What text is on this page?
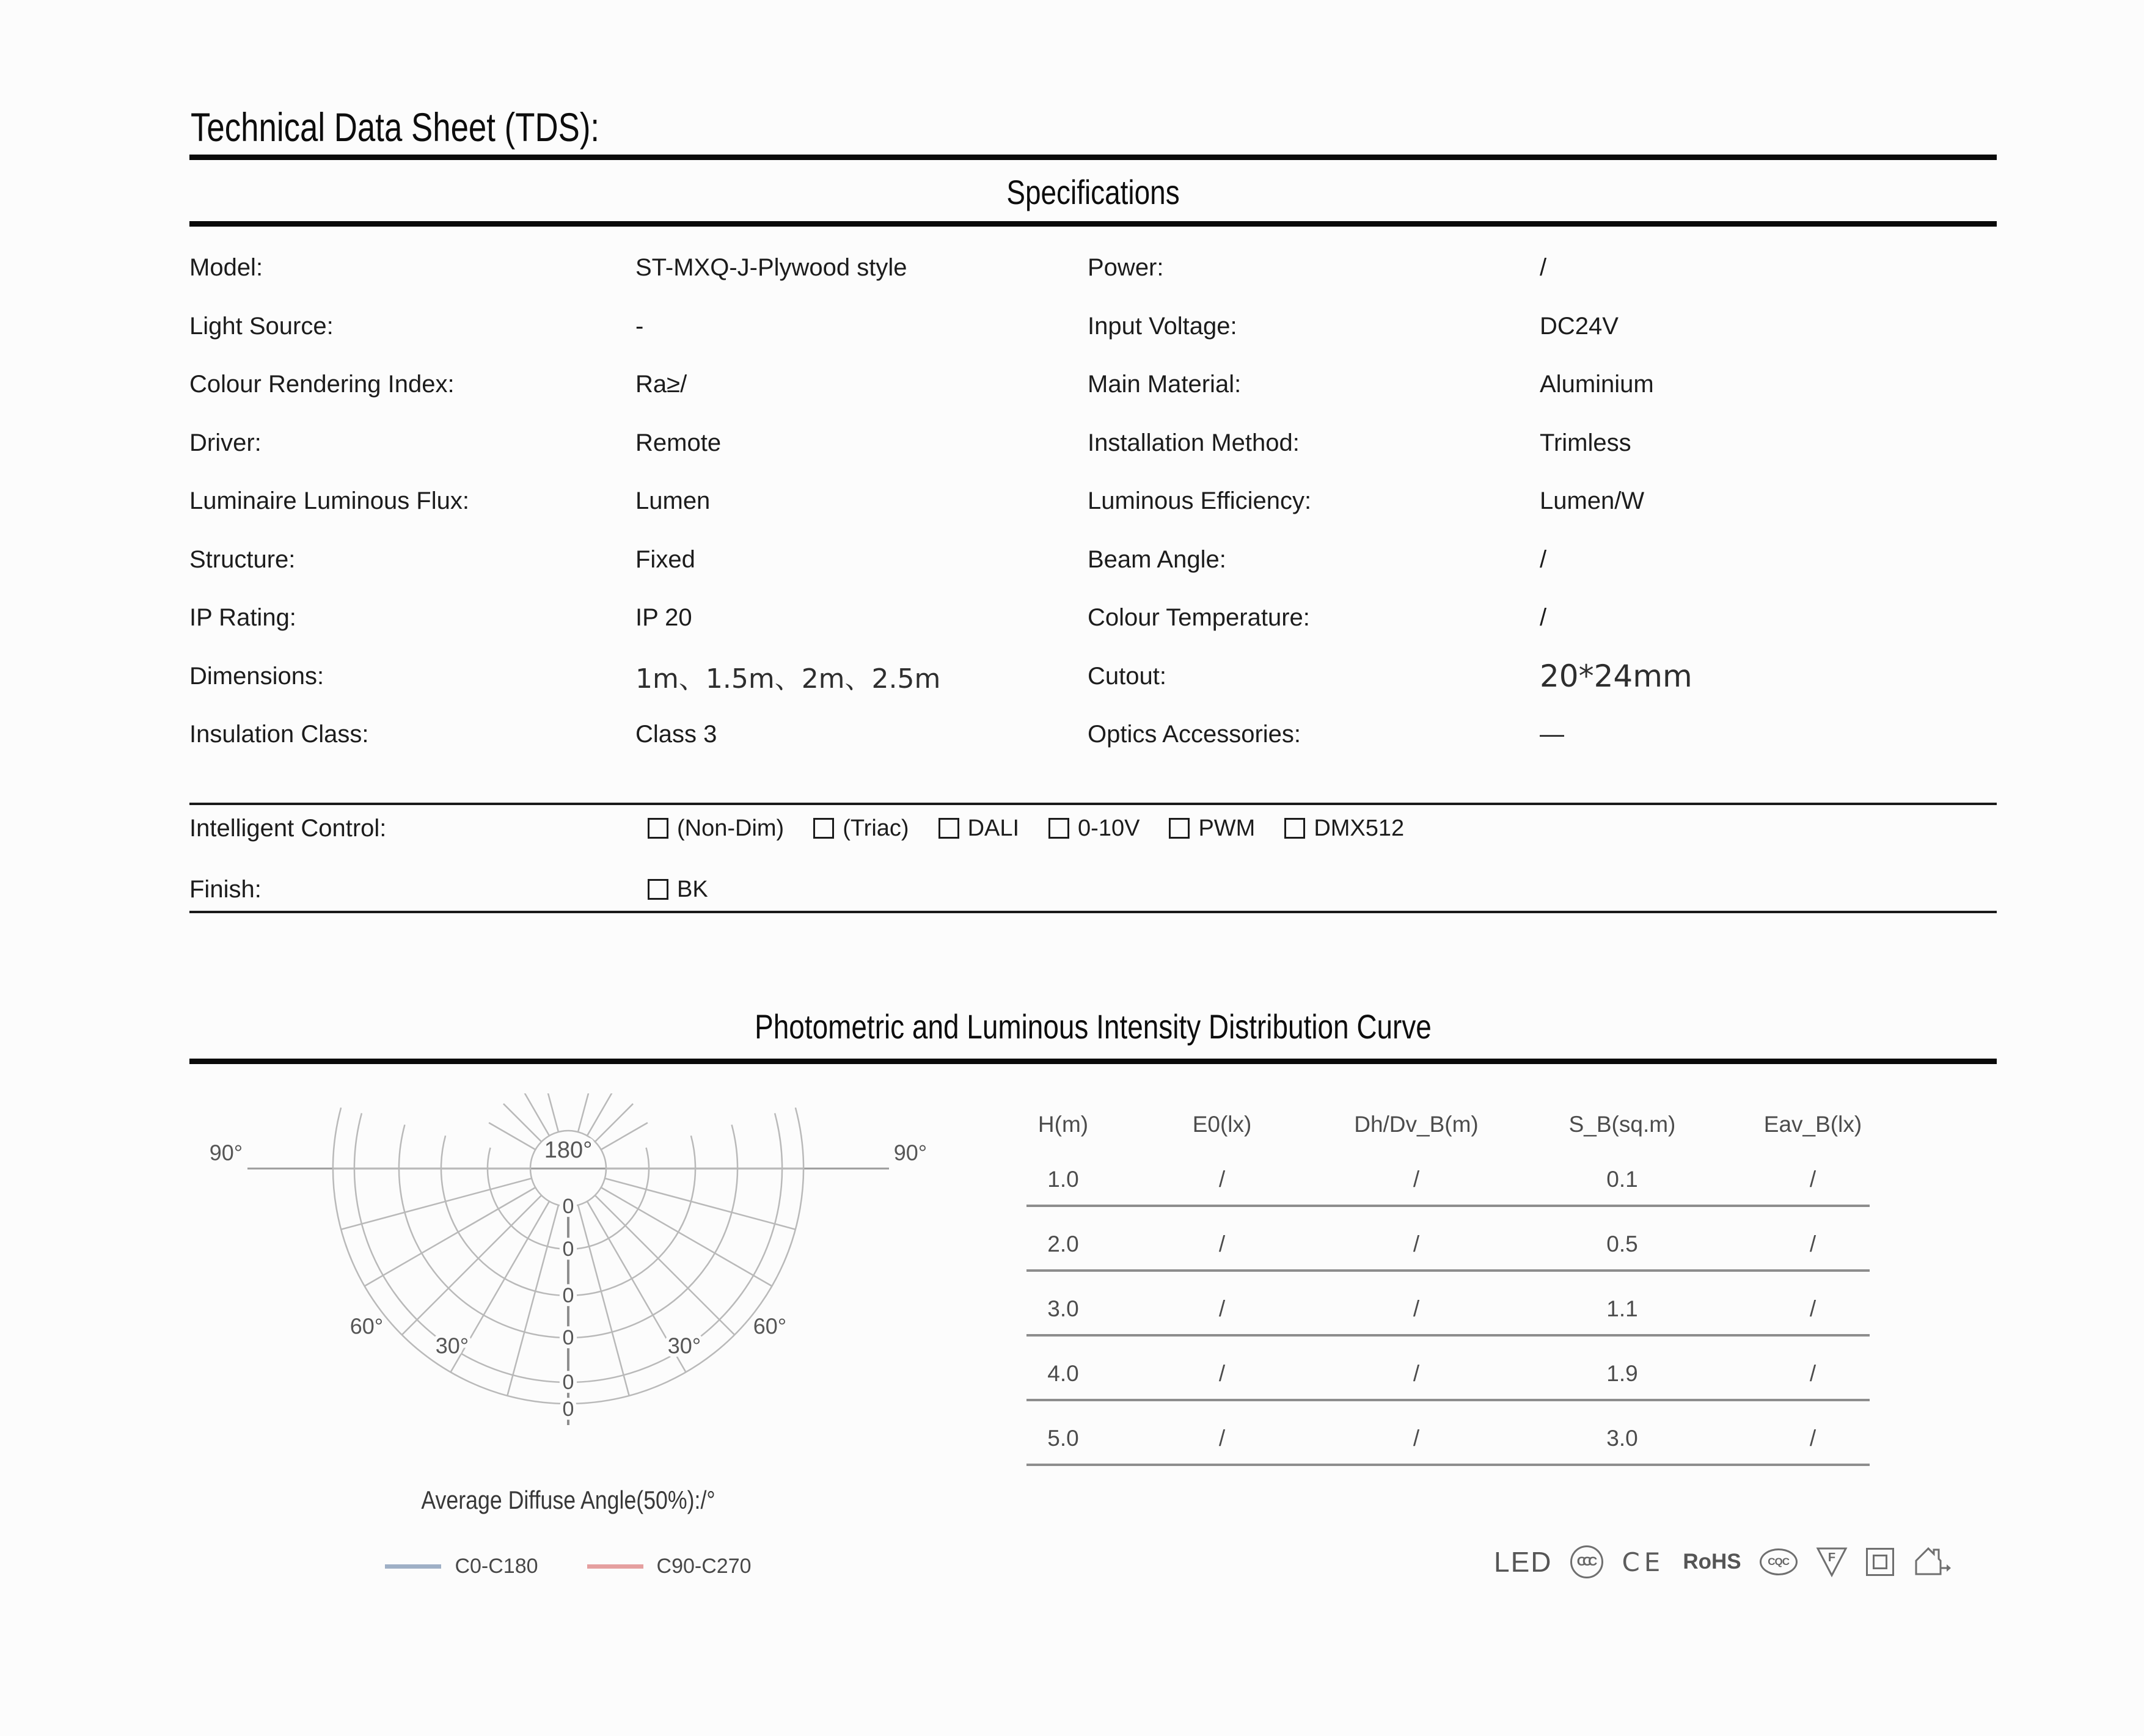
Technical Data Sheet (TDS):
Specifications
Model:	ST-MXQ-J-Plywood style	Power:	/
Light Source:	-	Input Voltage:	DC24V
Colour Rendering Index:	Ra≥/	Main Material:	Aluminium
Driver:	Remote	Installation Method:	Trimless
Luminaire Luminous Flux:	Lumen	Luminous Efficiency:	Lumen/W
Structure:	Fixed	Beam Angle:	/
IP Rating:	IP 20	Colour Temperature:	/
Dimensions:	1m、1.5m、2m、2.5m	Cutout:	20*24mm
Insulation Class:	Class 3	Optics Accessories:	—
Intelligent Control:	(Non-Dim)	(Triac)	DALI	0-10V	PWM	DMX512
Finish:	BK
Photometric and Luminous Intensity Distribution Curve
0
0
0
0
0
0
180°
90°	90°
60°	60°
30°	30°
Average Diffuse Angle(50%):/°
C0-C180	C90-C270
H(m)	E0(lx)	Dh/Dv_B(m)	S_B(sq.m)	Eav_B(lx)
1.0	/	/	0.1	/
2.0	/	/	0.5	/
3.0	/	/	1.1	/
4.0	/	/	1.9	/
5.0	/	/	3.0	/
LED CCC CE RoHS	CQC	F
